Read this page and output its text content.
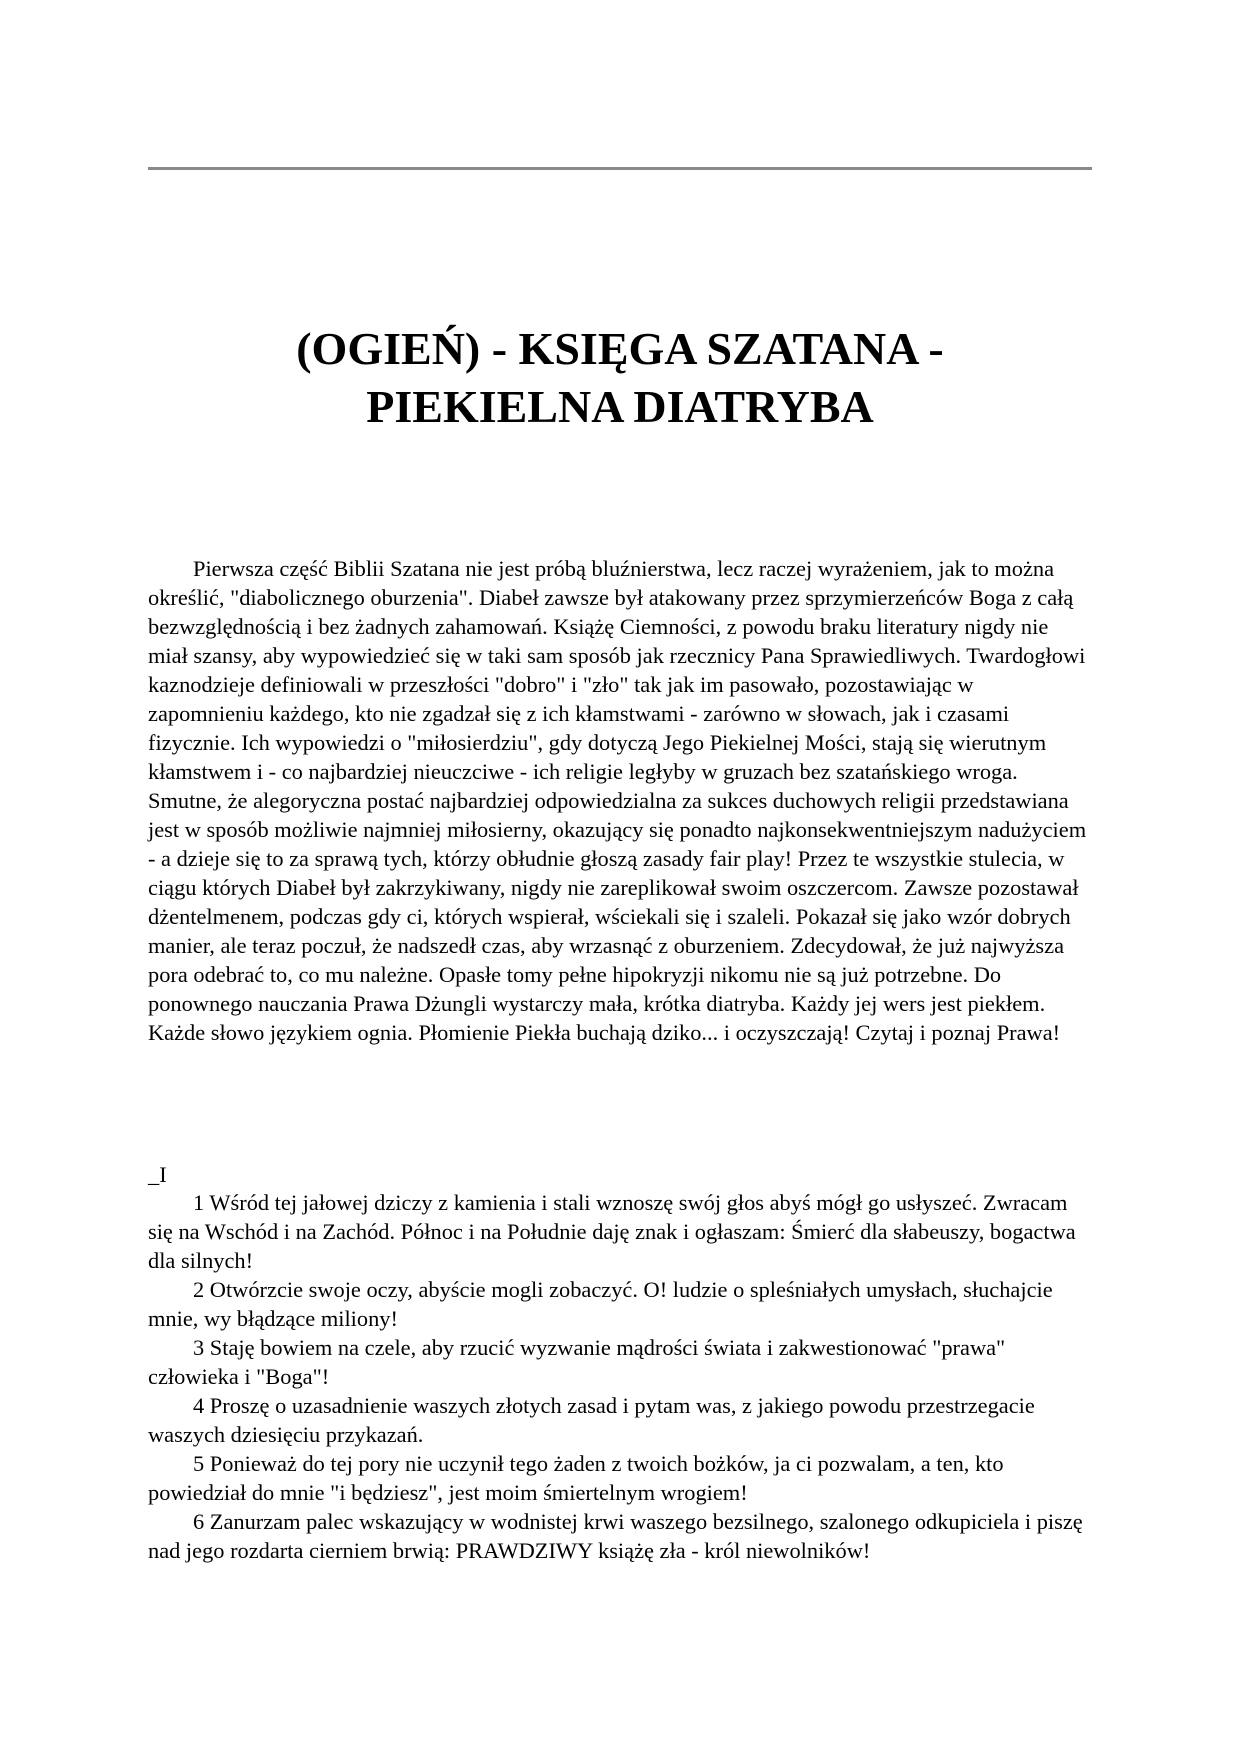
(OGIEŃ) - KSIĘGA SZATANA -
PIEKIELNA DIATRYBA

Pierwsza część Biblii Szatana nie jest próbą bluźnierstwa, lecz raczej wyrażeniem, jak to można określić, "diabolicznego oburzenia". Diabeł zawsze był atakowany przez sprzymierzeńców Boga z całą bezwzględnością i bez żadnych zahamowań. Książę Ciemności, z powodu braku literatury nigdy nie miał szansy, aby wypowiedzieć się w taki sam sposób jak rzecznicy Pana Sprawiedliwych. Twardogłowi kaznodzieje definiowali w przeszłości "dobro" i "zło" tak jak im pasowało, pozostawiając w zapomnieniu każdego, kto nie zgadzał się z ich kłamstwami - zarówno w słowach, jak i czasami fizycznie. Ich wypowiedzi o "miłosierdziu", gdy dotyczą Jego Piekielnej Mości, stają się wierutnym kłamstwem i - co najbardziej nieuczciwe - ich religie ległyby w gruzach bez szatańskiego wroga. Smutne, że alegoryczna postać najbardziej odpowiedzialna za sukces duchowych religii przedstawiana jest w sposób możliwie najmniej miłosierny, okazujący się ponadto najkonsekwentniejszym nadużyciem - a dzieje się to za sprawą tych, którzy obłudnie głoszą zasady fair play! Przez te wszystkie stulecia, w ciągu których Diabeł był zakrzykiwany, nigdy nie zareplikował swoim oszczercom. Zawsze pozostawał dżentelmenem, podczas gdy ci, których wspierał, wściekali się i szaleli. Pokazał się jako wzór dobrych manier, ale teraz poczuł, że nadszedł czas, aby wrzasnąć z oburzeniem. Zdecydował, że już najwyższa pora odebrać to, co mu należne. Opasłe tomy pełne hipokryzji nikomu nie są już potrzebne. Do ponownego nauczania Prawa Dżungli wystarczy mała, krótka diatryba. Każdy jej wers jest piekłem. Każde słowo językiem ognia. Płomienie Piekła buchają dziko... i oczyszczają! Czytaj i poznaj Prawa!

_I

1 Wśród tej jałowej dziczy z kamienia i stali wznoszę swój głos abyś mógł go usłyszeć. Zwracam się na Wschód i na Zachód. Północ i na Południe daję znak i ogłaszam: Śmierć dla słabeuszy, bogactwa dla silnych!

2 Otwórzcie swoje oczy, abyście mogli zobaczyć. O! ludzie o spleśniałych umysłach, słuchajcie mnie, wy błądzące miliony!

3 Staję bowiem na czele, aby rzucić wyzwanie mądrości świata i zakwestionować "prawa" człowieka i "Boga"!

4 Proszę o uzasadnienie waszych złotych zasad i pytam was, z jakiego powodu przestrzegacie waszych dziesięciu przykazań.

5 Ponieważ do tej pory nie uczynił tego żaden z twoich bożków, ja ci pozwalam, a ten, kto powiedział do mnie "i będziesz", jest moim śmiertelnym wrogiem!

6 Zanurzam palec wskazujący w wodnistej krwi waszego bezsilnego, szalonego odkupiciela i piszę nad jego rozdarta cierniem brwią: PRAWDZIWY książę zła - król niewolników!
